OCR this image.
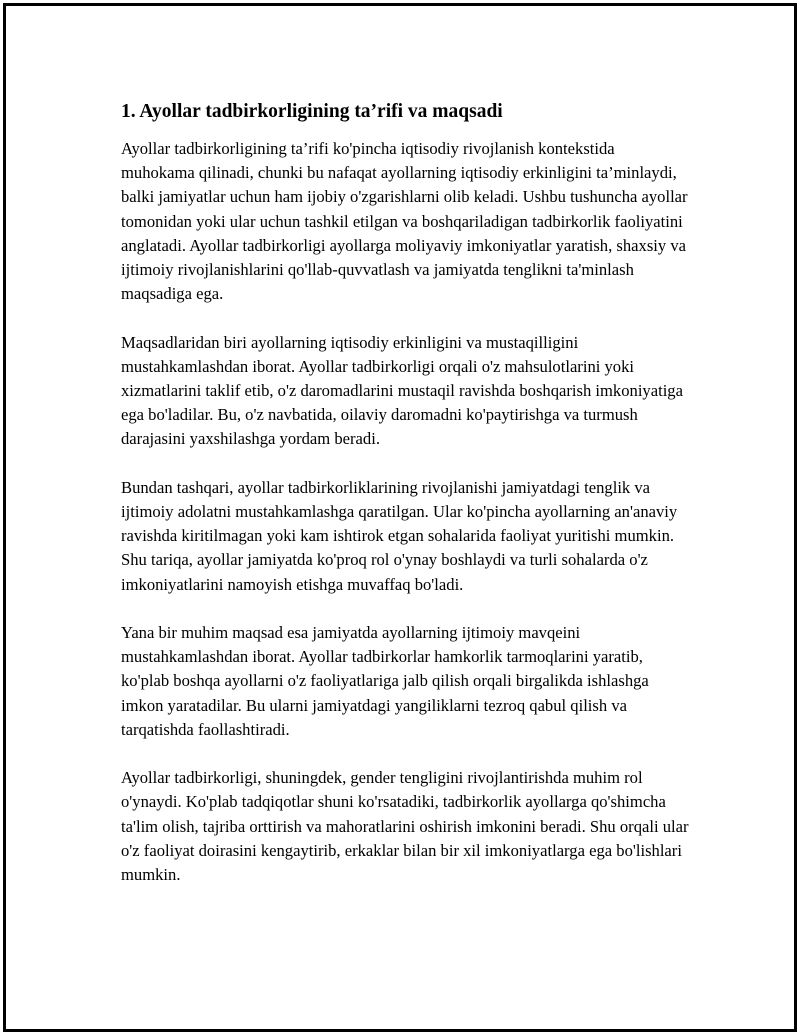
1. Ayollar tadbirkorligining ta’rifi va maqsadi

Ayollar tadbirkorligining ta’rifi ko'pincha iqtisodiy rivojlanish kontekstida muhokama qilinadi, chunki bu nafaqat ayollarning iqtisodiy erkinligini ta’minlaydi, balki jamiyatlar uchun ham ijobiy o'zgarishlarni olib keladi. Ushbu tushuncha ayollar tomonidan yoki ular uchun tashkil etilgan va boshqariladigan tadbirkorlik faoliyatini anglatadi. Ayollar tadbirkorligi ayollarga moliyaviy imkoniyatlar yaratish, shaxsiy va ijtimoiy rivojlanishlarini qo'llab-quvvatlash va jamiyatda tenglikni ta'minlash maqsadiga ega.

Maqsadlaridan biri ayollarning iqtisodiy erkinligini va mustaqilligini mustahkamlashdan iborat. Ayollar tadbirkorligi orqali o'z mahsulotlarini yoki xizmatlarini taklif etib, o'z daromadlarini mustaqil ravishda boshqarish imkoniyatiga ega bo'ladilar. Bu, o'z navbatida, oilaviy daromadni ko'paytirishga va turmush darajasini yaxshilashga yordam beradi.

Bundan tashqari, ayollar tadbirkorliklarining rivojlanishi jamiyatdagi tenglik va ijtimoiy adolatni mustahkamlashga qaratilgan. Ular ko'pincha ayollarning an'anaviy ravishda kiritilmagan yoki kam ishtirok etgan sohalarida faoliyat yuritishi mumkin. Shu tariqa, ayollar jamiyatda ko'proq rol o'ynay boshlaydi va turli sohalarda o'z imkoniyatlarini namoyish etishga muvaffaq bo'ladi.

Yana bir muhim maqsad esa jamiyatda ayollarning ijtimoiy mavqeini mustahkamlashdan iborat. Ayollar tadbirkorlar hamkorlik tarmoqlarini yaratib, ko'plab boshqa ayollarni o'z faoliyatlariga jalb qilish orqali birgalikda ishlashga imkon yaratadilar. Bu ularni jamiyatdagi yangiliklarni tezroq qabul qilish va tarqatishda faollashtiradi.

Ayollar tadbirkorligi, shuningdek, gender tengligini rivojlantirishda muhim rol o'ynaydi. Ko'plab tadqiqotlar shuni ko'rsatadiki, tadbirkorlik ayollarga qo'shimcha ta'lim olish, tajriba orttirish va mahoratlarini oshirish imkonini beradi. Shu orqali ular o'z faoliyat doirasini kengaytirib, erkaklar bilan bir xil imkoniyatlarga ega bo'lishlari mumkin.
